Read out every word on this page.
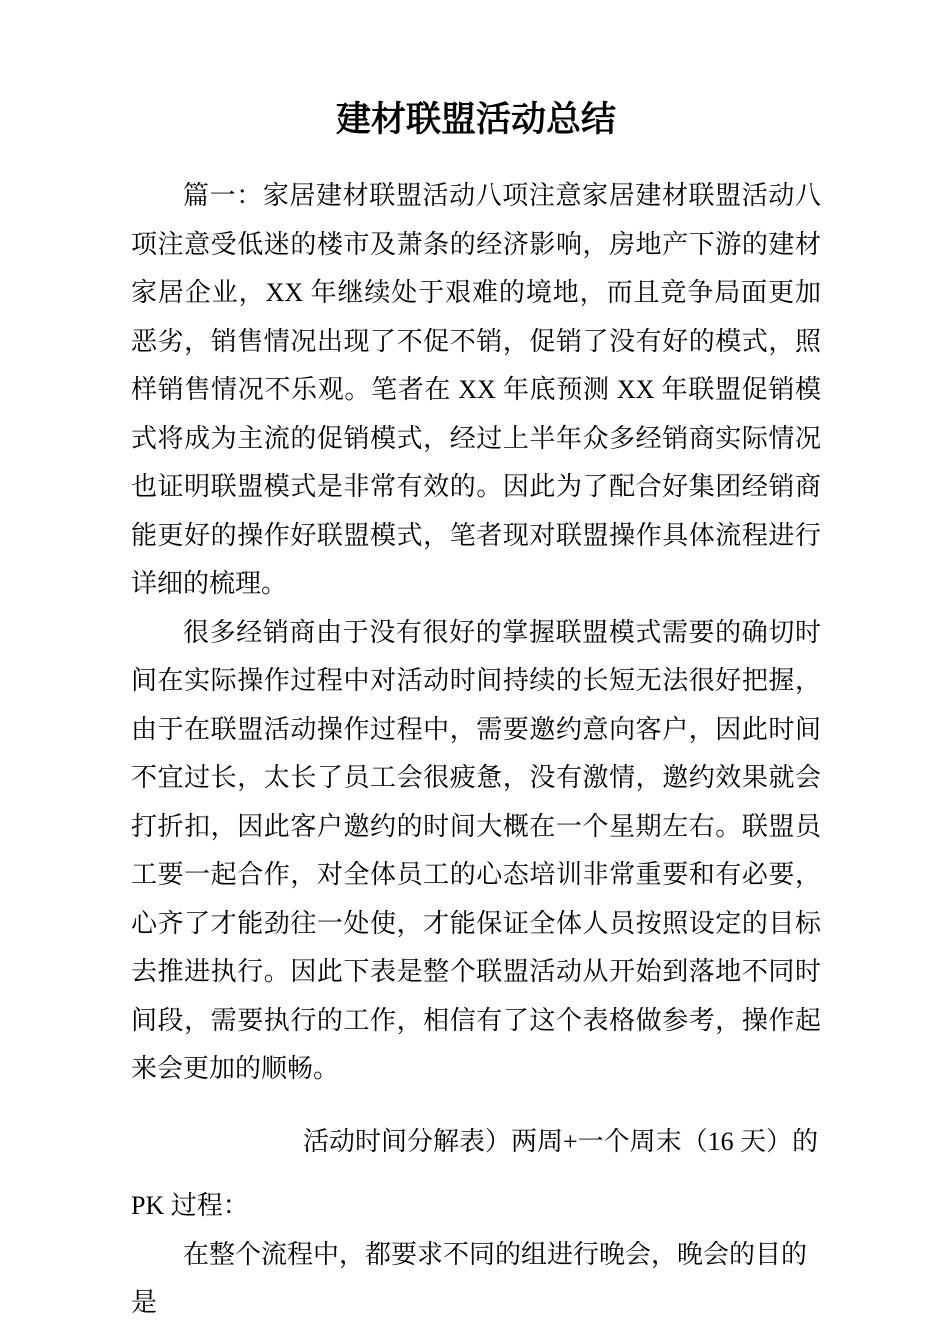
建材联盟活动总结

篇一：家居建材联盟活动八项注意家居建材联盟活动八项注意受低迷的楼市及萧条的经济影响，房地产下游的建材家居企业，XX 年继续处于艰难的境地，而且竞争局面更加恶劣，销售情况出现了不促不销，促销了没有好的模式，照样销售情况不乐观。笔者在 XX 年底预测 XX 年联盟促销模式将成为主流的促销模式，经过上半年众多经销商实际情况也证明联盟模式是非常有效的。因此为了配合好集团经销商能更好的操作好联盟模式，笔者现对联盟操作具体流程进行详细的梳理。

很多经销商由于没有很好的掌握联盟模式需要的确切时间在实际操作过程中对活动时间持续的长短无法很好把握，由于在联盟活动操作过程中，需要邀约意向客户，因此时间不宜过长，太长了员工会很疲惫，没有激情，邀约效果就会打折扣，因此客户邀约的时间大概在一个星期左右。联盟员工要一起合作，对全体员工的心态培训非常重要和有必要，心齐了才能劲往一处使，才能保证全体人员按照设定的目标去推进执行。因此下表是整个联盟活动从开始到落地不同时间段，需要执行的工作，相信有了这个表格做参考，操作起来会更加的顺畅。

活动时间分解表）两周+一个周末（16 天）的

PK 过程：

在整个流程中，都要求不同的组进行晚会，晚会的目的是
